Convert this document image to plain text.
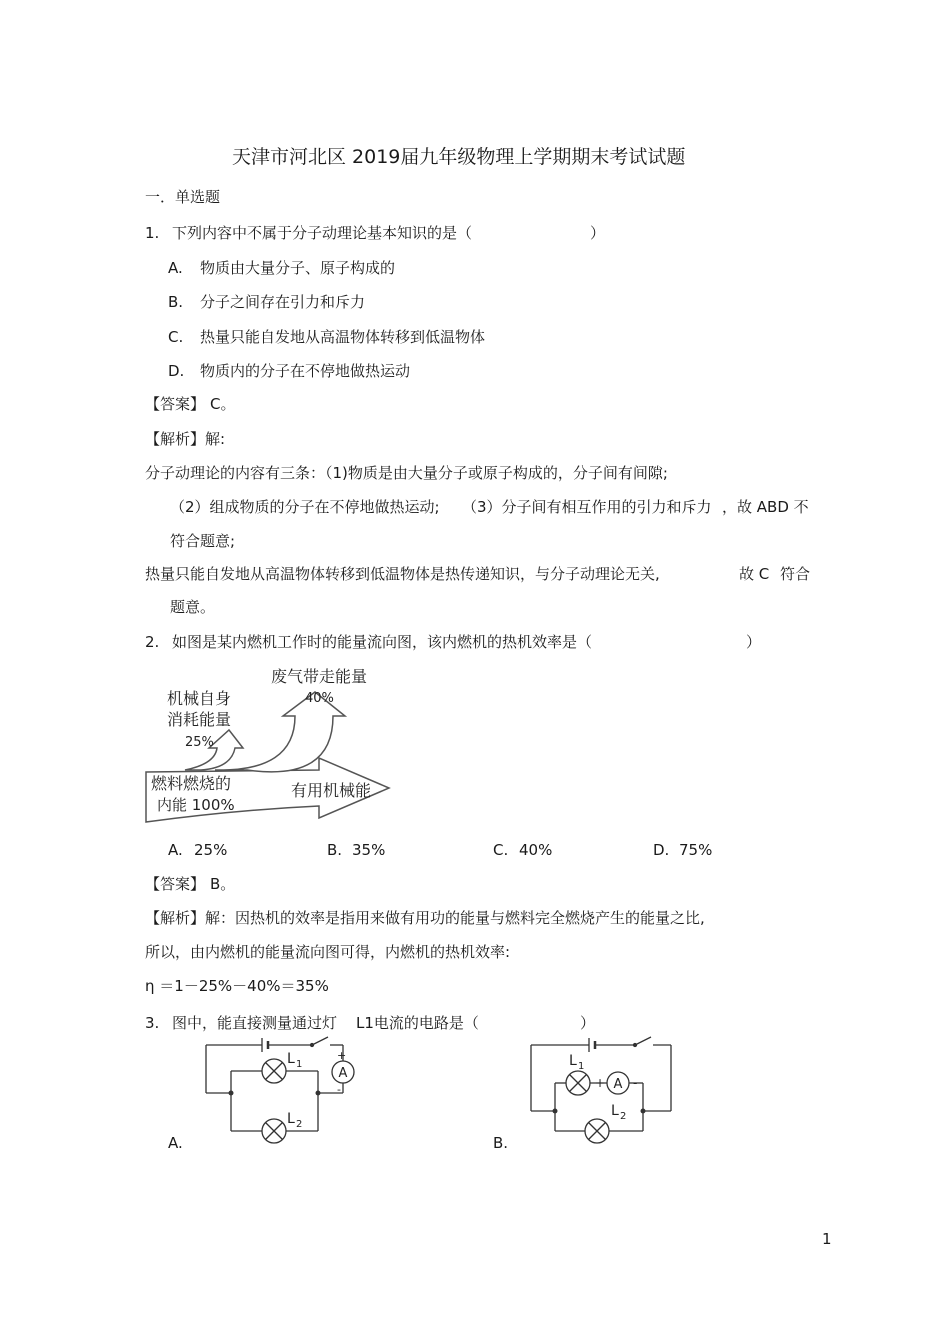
天津市河北区 2019届九年级物理上学期期末考试试题
一．单选题
1. 下列内容中不属于分子动理论基本知识的是（	）
A. 物质由大量分子、原子构成的
B. 分子之间存在引力和斥力
C. 热量只能自发地从高温物体转移到低温物体
D. 物质内的分子在不停地做热运动
【答案】 C。
【解析】解:
分子动理论的内容有三条：（1)物质是由大量分子或原子构成的，分子间有间隙;
（2）组成物质的分子在不停地做热运动; （3）分子间有相互作用的引力和斥力 ，故 ABD 不
符合题意;
热量只能自发地从高温物体转移到低温物体是热传递知识，与分子动理论无关,	故 C 符合
题意。
2. 如图是某内燃机工作时的能量流向图，该内燃机的热机效率是（	）
废气带走能量
40%
机械自身
消耗能量
25%
燃料燃烧的
内能 100%
有用机械能
A. 25%	B. 35%	C. 40%	D. 75%
【答案】 B。
【解析】解：因热机的效率是指用来做有用功的能量与燃料完全燃烧产生的能量之比,
所以，由内燃机的能量流向图可得，内燃机的热机效率:
η ＝1－25%－40%＝35%
3. 图中，能直接测量通过灯 L1电流的电路是（	）
A
+
-
L 1
L 2
A.
A
+ -
L 1
L 2
B.
1
